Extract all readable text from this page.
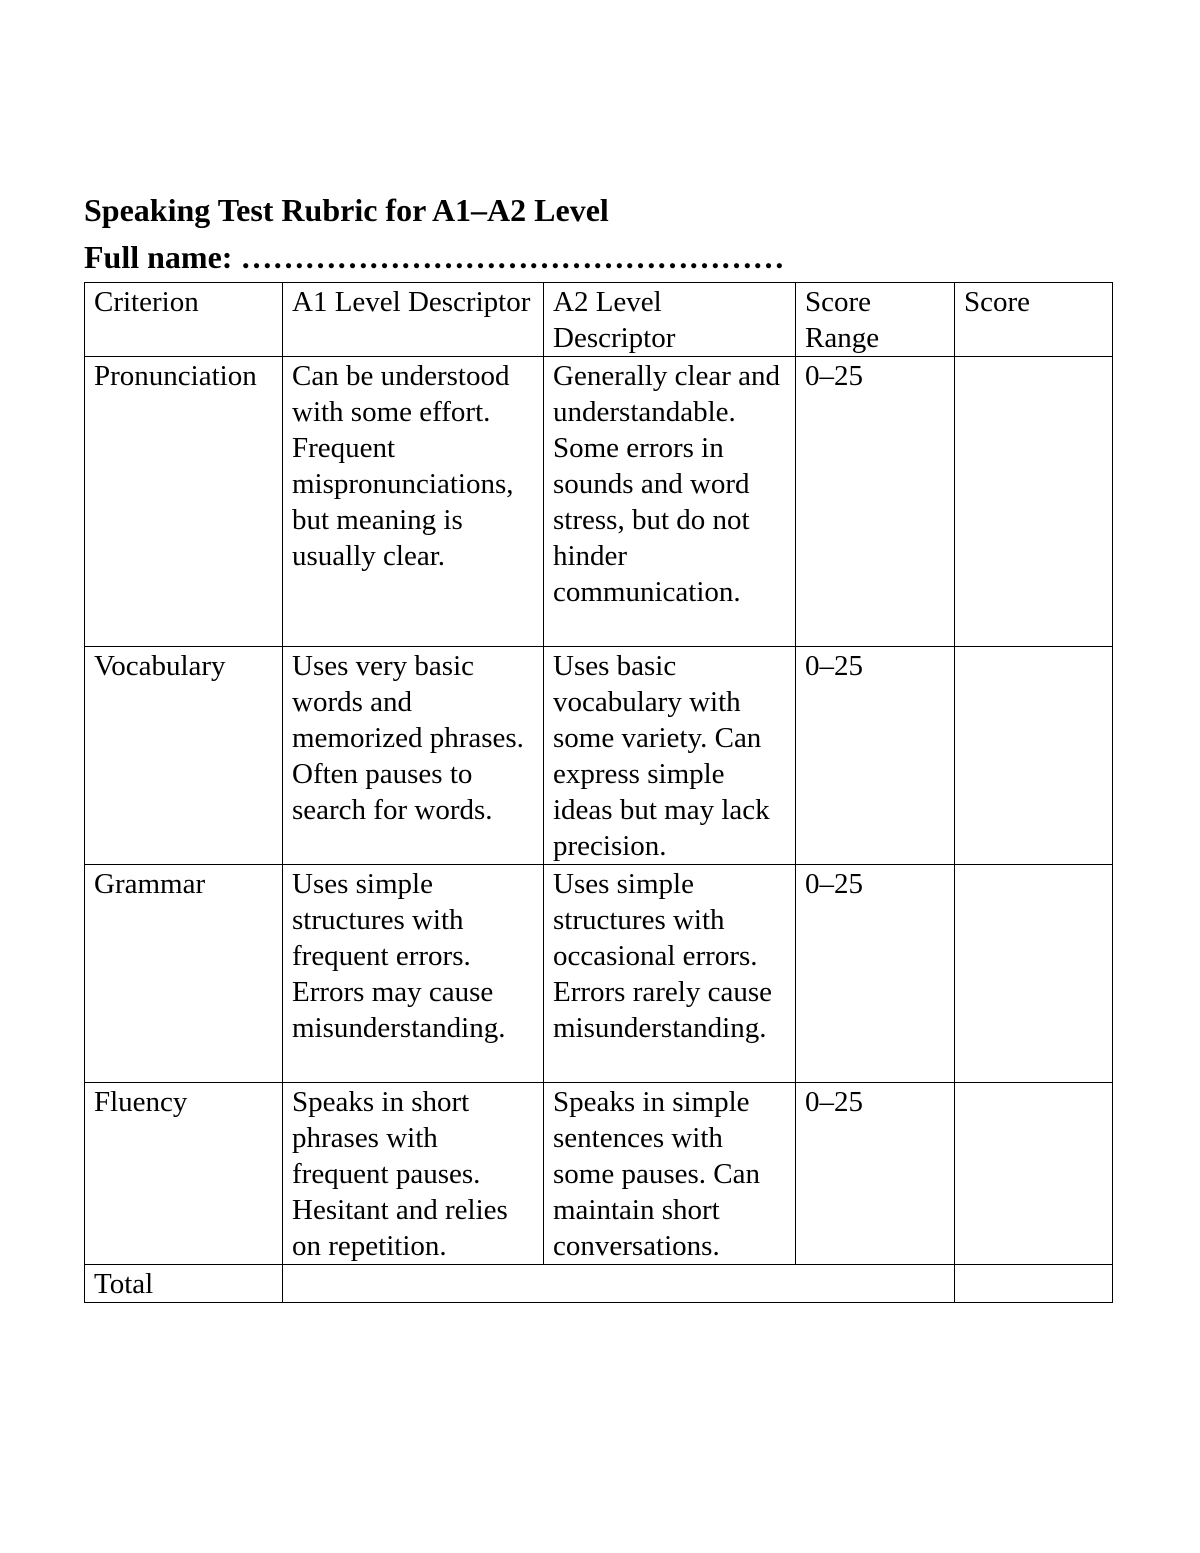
Speaking Test Rubric for A1–A2 Level
Full name: ……………………………………………
Criterion	A1 Level Descriptor	A2 Level Descriptor	Score Range	Score
Pronunciation	Can be understood with some effort. Frequent mispronunciations, but meaning is usually clear.	Generally clear and understandable. Some errors in sounds and word stress, but do not hinder communication.	0–25	
Vocabulary	Uses very basic words and memorized phrases. Often pauses to search for words.	Uses basic vocabulary with some variety. Can express simple ideas but may lack precision.	0–25	
Grammar	Uses simple structures with frequent errors. Errors may cause misunderstanding.	Uses simple structures with occasional errors. Errors rarely cause misunderstanding.	0–25	
Fluency	Speaks in short phrases with frequent pauses. Hesitant and relies on repetition.	Speaks in simple sentences with some pauses. Can maintain short conversations.	0–25	
Total				
